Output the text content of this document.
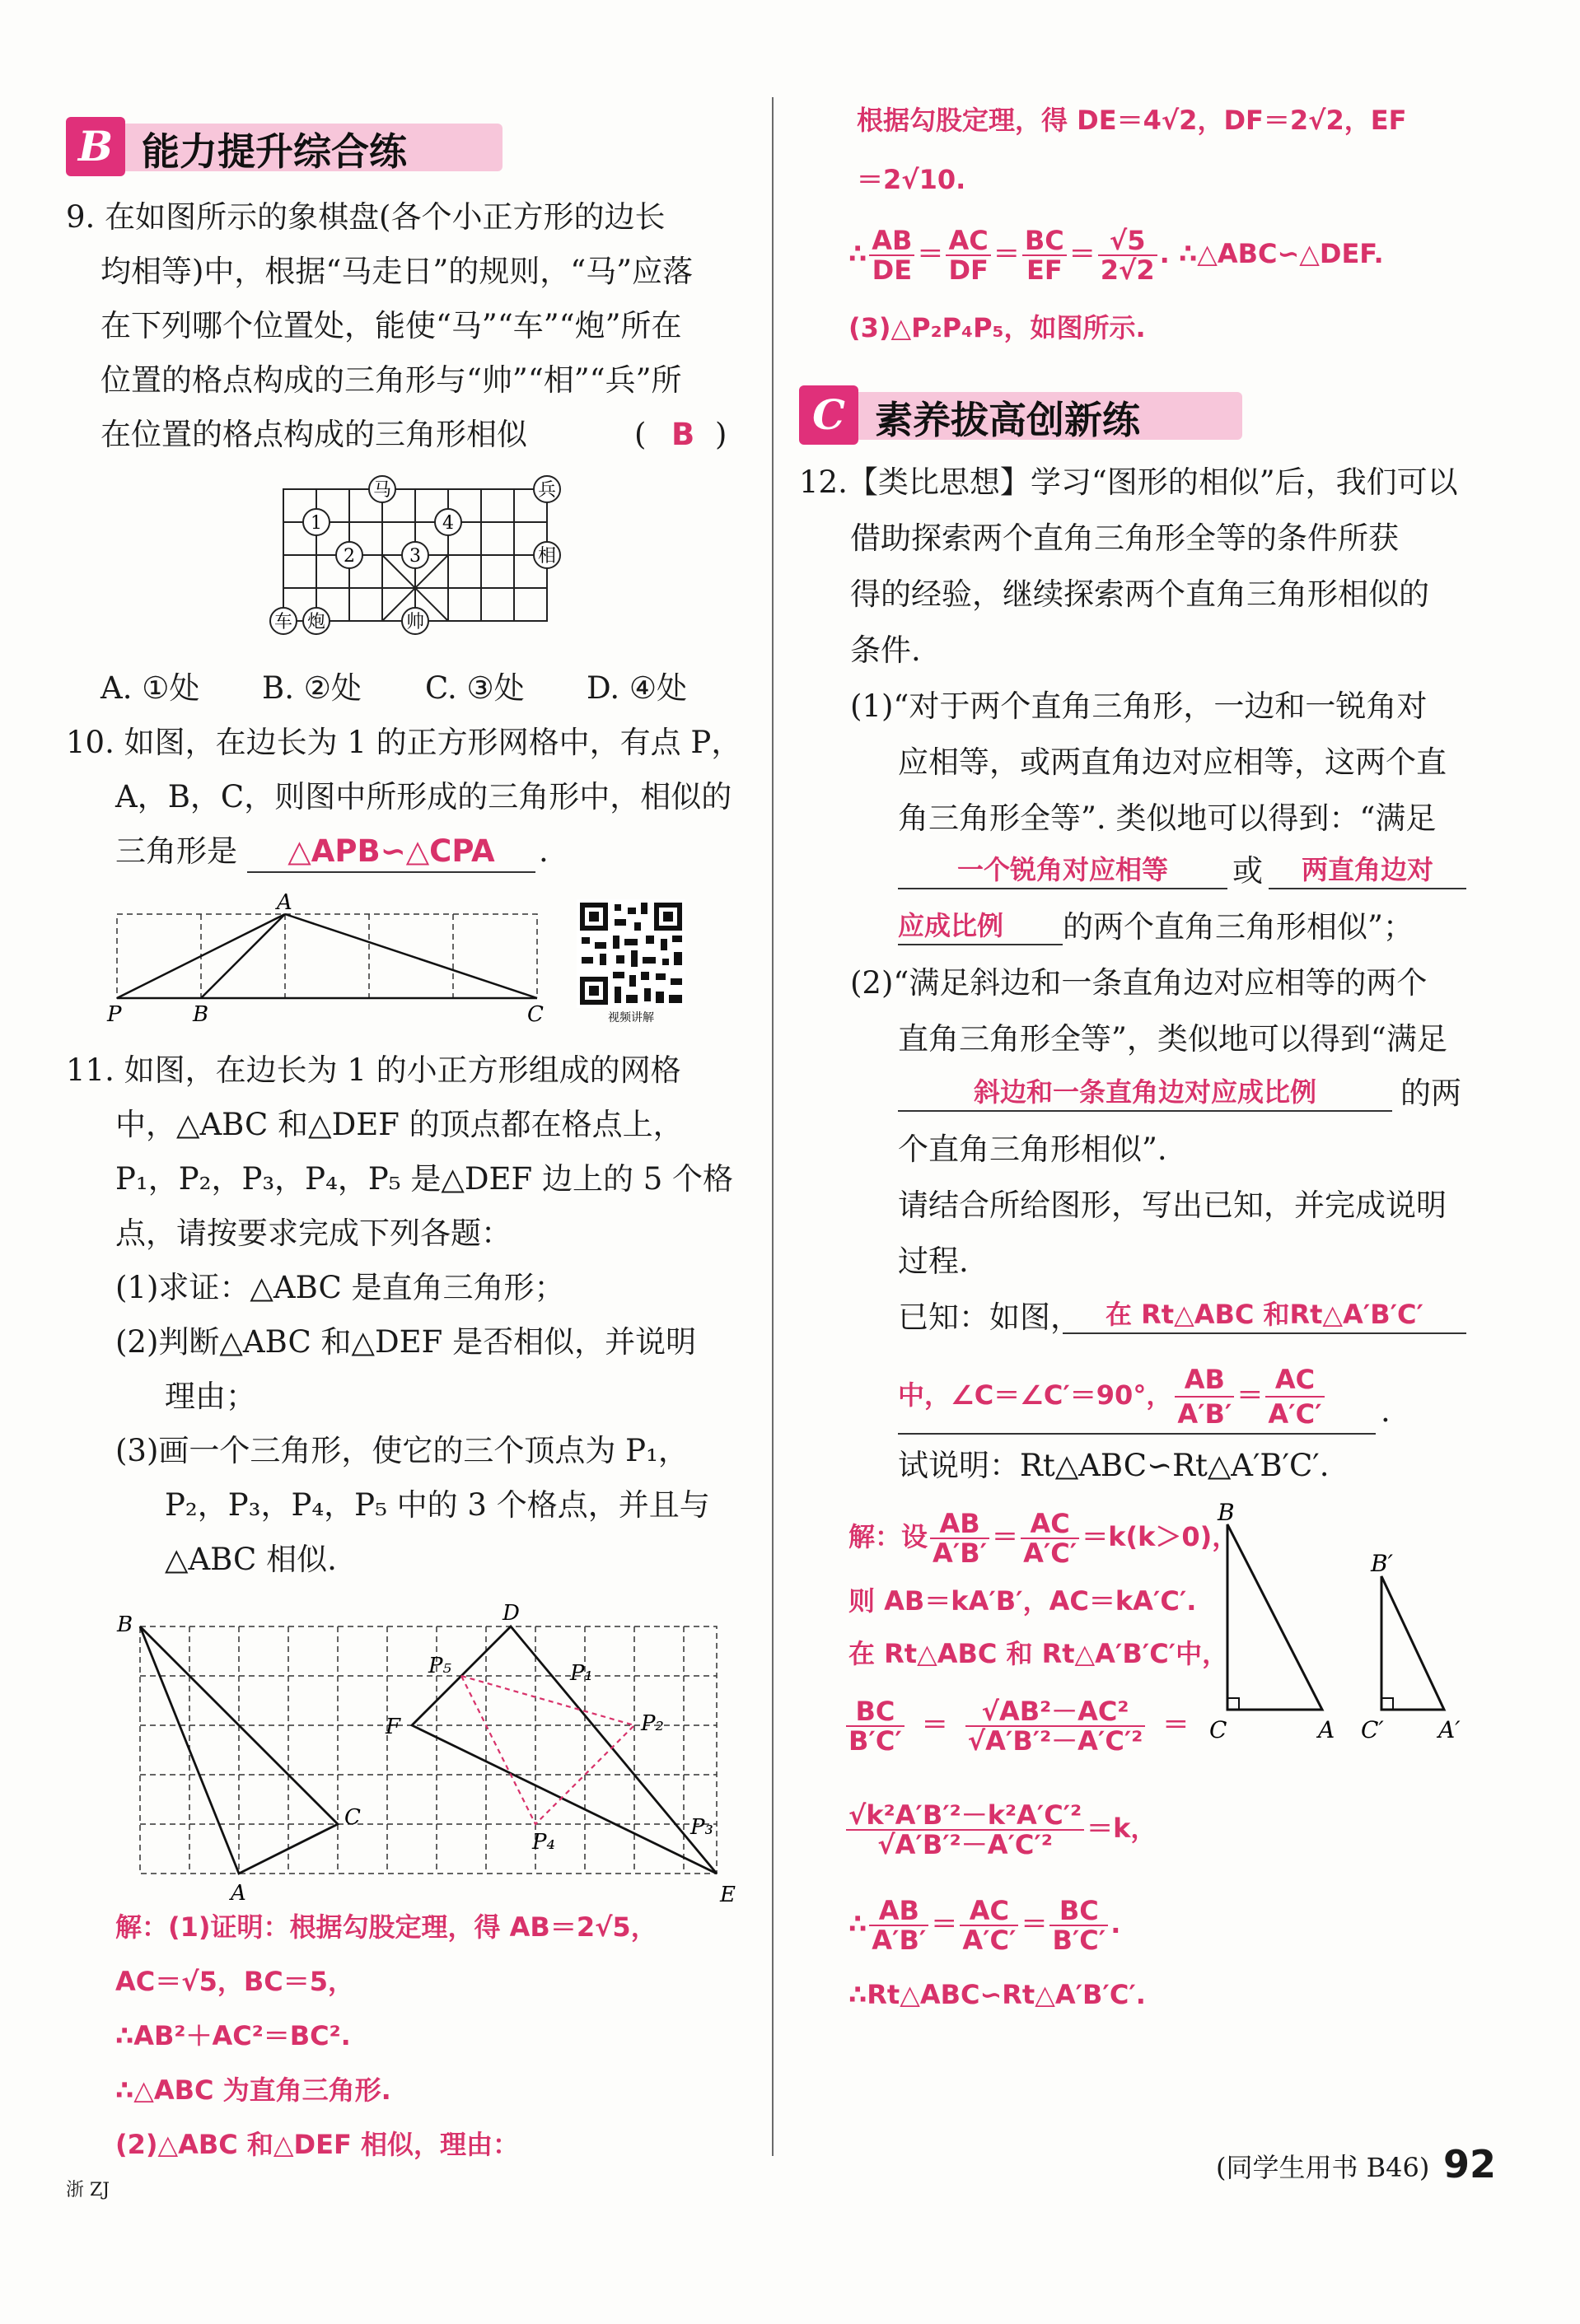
B 能力提升综合练
9. 在如图所示的象棋盘(各个小正方形的边长
均相等)中，根据“马走日”的规则，“马”应落
在下列哪个位置处，能使“马”“车”“炮”所在
位置的格点构成的三角形与“帅”“相”“兵”所
在位置的格点构成的三角形相似	( B )
马	兵
相
车 炮	帅
1
2	3
4
A. ①处 B. ②处 C. ③处 D. ④处
10. 如图，在边长为 1 的正方形网格中，有点 P，
A，B，C，则图中所形成的三角形中，相似的
三角形是	△APB∽△CPA	.
A
P	B	C	视频讲解
11. 如图，在边长为 1 的小正方形组成的网格
中，△ABC 和△DEF 的顶点都在格点上，
P₁，P₂，P₃，P₄，P₅ 是△DEF 边上的 5 个格
点，请按要求完成下列各题：
(1)求证：△ABC 是直角三角形；
(2)判断△ABC 和△DEF 是否相似，并说明
理由；
(3)画一个三角形，使它的三个顶点为 P₁，
P₂，P₃，P₄，P₅ 中的 3 个格点，并且与
△ABC 相似.
B
A
C
D
E
F
P₁
P₂
P₃
P₄
P₅
解：(1)证明：根据勾股定理，得 AB＝2√5，
AC＝√5，BC＝5，
∴AB²＋AC²＝BC².
∴△ABC 为直角三角形.
(2)△ABC 和△DEF 相似，理由：
根据勾股定理，得 DE＝4√2，DF＝2√2，EF
＝2√10.
∴ $\frac{AB}{DE} = \frac{AC}{DF} = \frac{BC}{EF} = \frac{√5}{2√2}$ . ∴△ABC∽△DEF.
(3)△P₂P₄P₅，如图所示.
C 素养拔高创新练
12.【类比思想】学习“图形的相似”后，我们可以
借助探索两个直角三角形全等的条件所获
得的经验，继续探索两个直角三角形相似的
条件.
(1)“对于两个直角三角形，一边和一锐角对
应相等，或两直角边对应相等，这两个直
角三角形全等”. 类似地可以得到：“满足
一个锐角对应相等	或	两直角边对
应成比例	的两个直角三角形相似”；
(2)“满足斜边和一条直角边对应相等的两个
直角三角形全等”，类似地可以得到“满足
斜边和一条直角边对应成比例	的两
个直角三角形相似”.
请结合所给图形，写出已知，并完成说明
过程.
已知：如图， 在 Rt△ABC 和Rt△A′B′C′
中，∠C＝∠C′＝90°， $\frac{AB}{A'B'} = \frac{AC}{A'C'}$ .
试说明：Rt△ABC∽Rt△A′B′C′.
解：设 $\frac{AB}{A'B'} = \frac{AC}{A'C'} =k(k>0)$，
则 AB＝kA′B′，AC＝kA′C′.
在 Rt△ABC 和 Rt△A′B′C′中，
$\frac{BC}{B'C'} = \frac{\text{√AB²－AC²}}{\text{√A′B′²－A′C′²}}$ ＝
$\frac{\text{√k²A′B′²－k²A′C′²}}{\text{√A′B′²－A′C′²}} =k$，
∴ $\frac{AB}{A'B'} = \frac{AC}{A'C'} = \frac{BC}{B'C'}$ .
∴Rt△ABC∽Rt△A′B′C′.
B
C	A
B′
C′ A′
浙 ZJ
(同学生用书 B46) 92
